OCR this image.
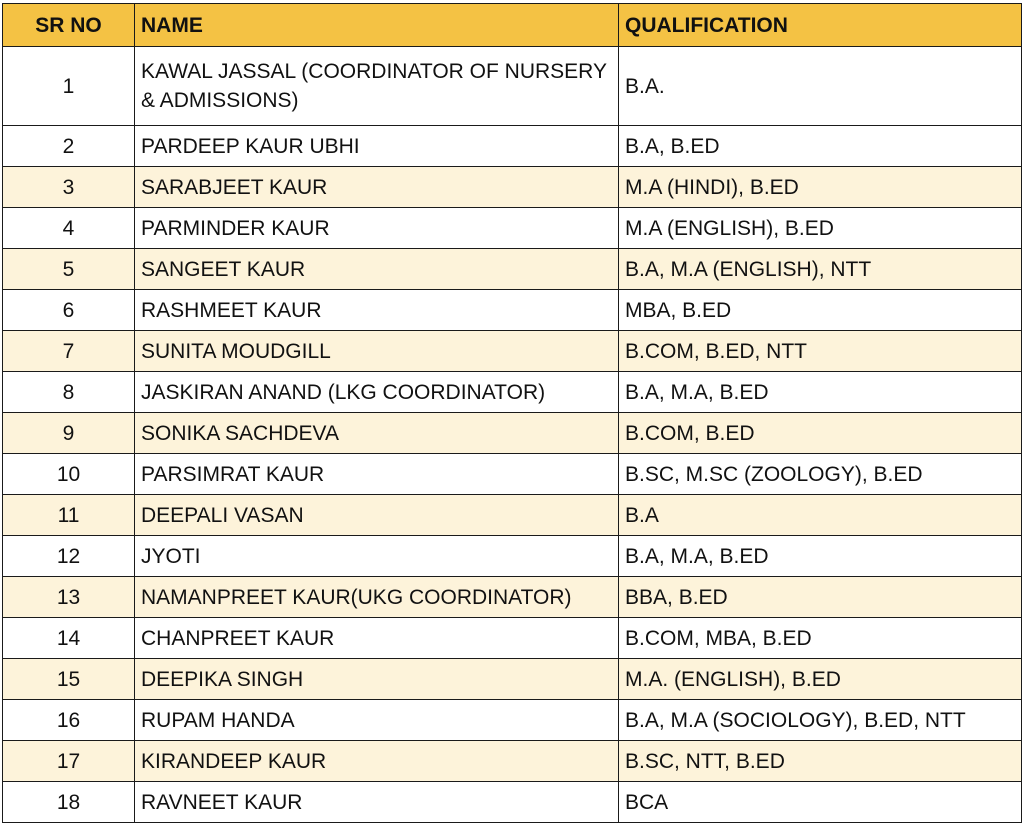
SR NO	NAME	QUALIFICATION
1	KAWAL JASSAL (COORDINATOR OF NURSERY & ADMISSIONS)	B.A.
2	PARDEEP KAUR UBHI	B.A, B.ED
3	SARABJEET KAUR	M.A (HINDI), B.ED
4	PARMINDER KAUR	M.A (ENGLISH), B.ED
5	SANGEET KAUR	B.A, M.A (ENGLISH), NTT
6	RASHMEET KAUR	MBA, B.ED
7	SUNITA MOUDGILL	B.COM, B.ED, NTT
8	JASKIRAN ANAND (LKG COORDINATOR)	B.A, M.A, B.ED
9	SONIKA SACHDEVA	B.COM, B.ED
10	PARSIMRAT KAUR	B.SC, M.SC (ZOOLOGY), B.ED
11	DEEPALI VASAN	B.A
12	JYOTI	B.A, M.A, B.ED
13	NAMANPREET KAUR(UKG COORDINATOR)	BBA, B.ED
14	CHANPREET KAUR	B.COM, MBA, B.ED
15	DEEPIKA SINGH	M.A. (ENGLISH), B.ED
16	RUPAM HANDA	B.A, M.A (SOCIOLOGY), B.ED, NTT
17	KIRANDEEP KAUR	B.SC, NTT, B.ED
18	RAVNEET KAUR	BCA
